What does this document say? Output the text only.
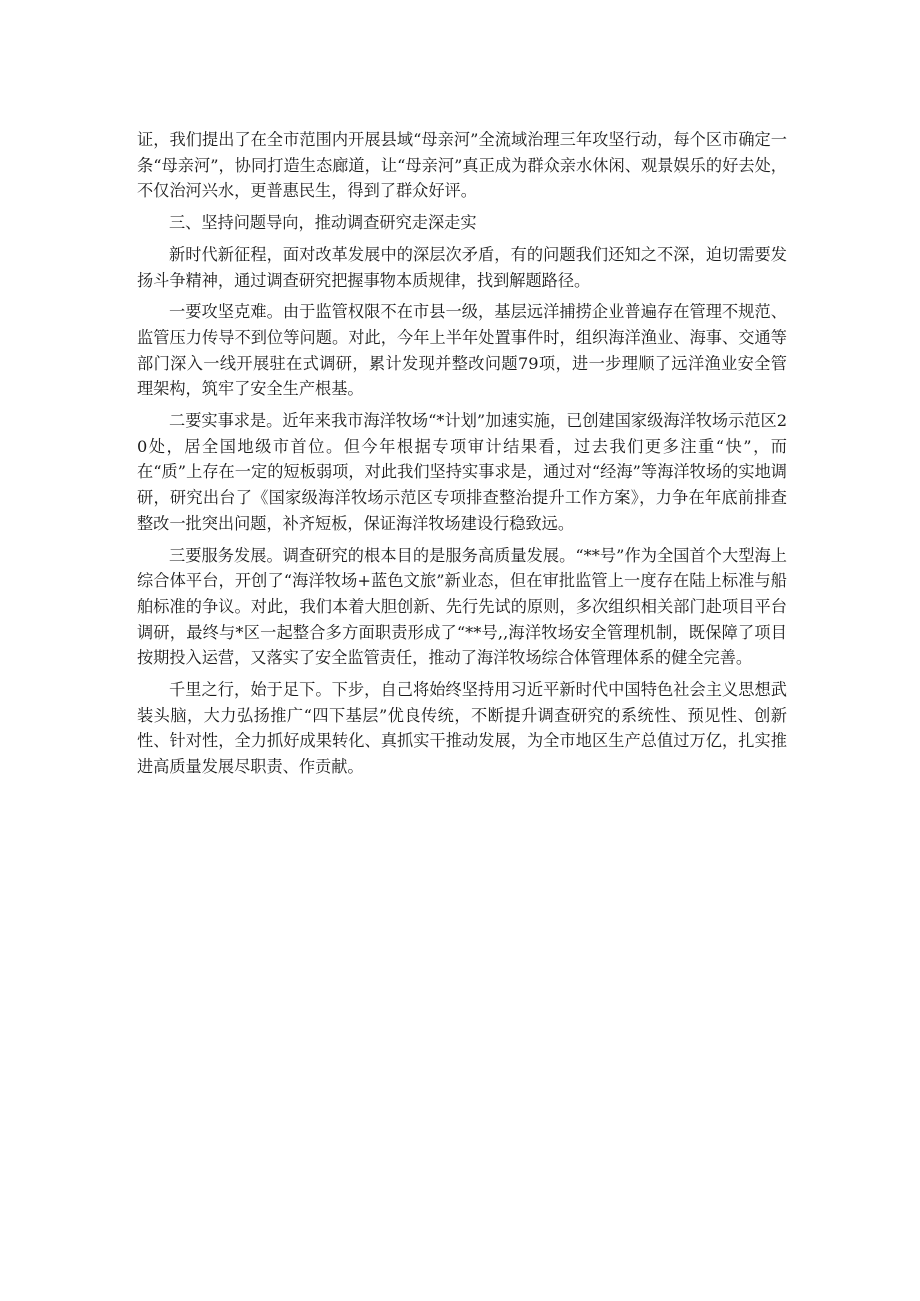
证，我们提出了在全市范围内开展县域“母亲河”全流域治理三年攻坚行动，每个区市确定一条“母亲河”，协同打造生态廊道，让“母亲河”真正成为群众亲水休闲、观景娱乐的好去处，不仅治河兴水，更普惠民生，得到了群众好评。

三、坚持问题导向，推动调查研究走深走实

新时代新征程，面对改革发展中的深层次矛盾，有的问题我们还知之不深，迫切需要发扬斗争精神，通过调查研究把握事物本质规律，找到解题路径。

一要攻坚克难。由于监管权限不在市县一级，基层远洋捕捞企业普遍存在管理不规范、监管压力传导不到位等问题。对此，今年上半年处置事件时，组织海洋渔业、海事、交通等部门深入一线开展驻在式调研，累计发现并整改问题79项，进一步理顺了远洋渔业安全管理架构，筑牢了安全生产根基。

二要实事求是。近年来我市海洋牧场“*计划”加速实施，已创建国家级海洋牧场示范区20处，居全国地级市首位。但今年根据专项审计结果看，过去我们更多注重“快”，而在“质”上存在一定的短板弱项，对此我们坚持实事求是，通过对“经海”等海洋牧场的实地调研，研究出台了《国家级海洋牧场示范区专项排查整治提升工作方案》，力争在年底前排查整改一批突出问题，补齐短板，保证海洋牧场建设行稳致远。

三要服务发展。调查研究的根本目的是服务高质量发展。“**号”作为全国首个大型海上综合体平台，开创了“海洋牧场+蓝色文旅”新业态，但在审批监管上一度存在陆上标准与船舶标准的争议。对此，我们本着大胆创新、先行先试的原则，多次组织相关部门赴项目平台调研，最终与*区一起整合多方面职责形成了“**号,,海洋牧场安全管理机制，既保障了项目按期投入运营，又落实了安全监管责任，推动了海洋牧场综合体管理体系的健全完善。

千里之行，始于足下。下步，自己将始终坚持用习近平新时代中国特色社会主义思想武装头脑，大力弘扬推广“四下基层”优良传统，不断提升调查研究的系统性、预见性、创新性、针对性，全力抓好成果转化、真抓实干推动发展，为全市地区生产总值过万亿，扎实推进高质量发展尽职责、作贡献。
